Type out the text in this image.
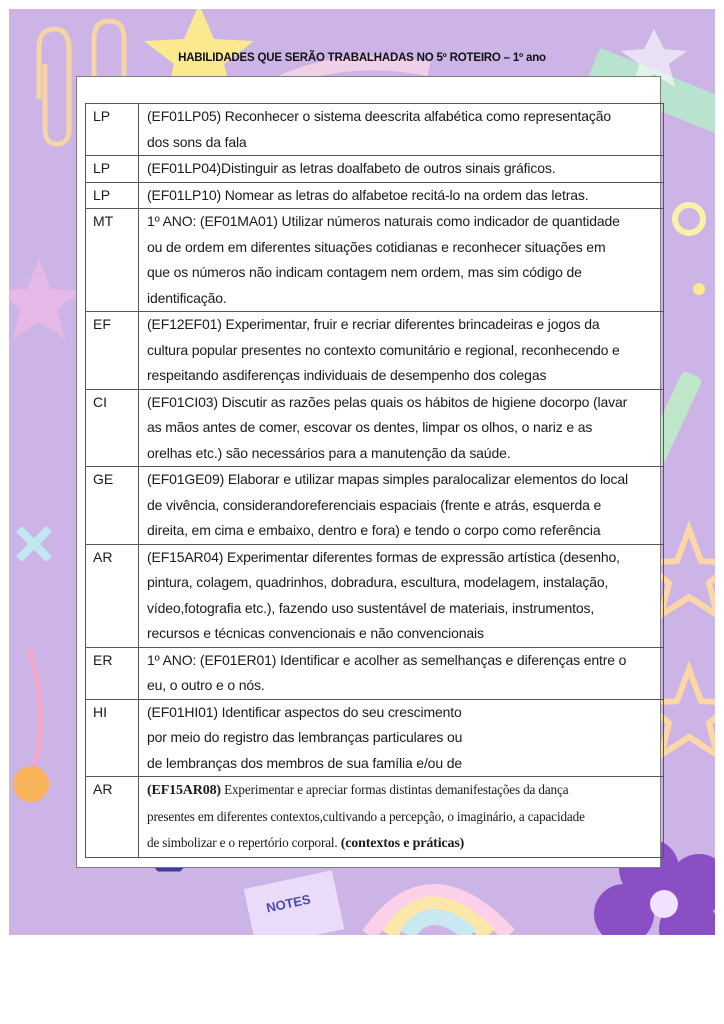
NOTES
HABILIDADES QUE SERÃO TRABALHADAS NO 5º ROTEIRO – 1º ano
LP	(EF01LP05) Reconhecer o sistema deescrita alfabética como representação
dos sons da fala
LP	(EF01LP04)Distinguir as letras doalfabeto de outros sinais gráficos.
LP	(EF01LP10) Nomear as letras do alfabetoe recitá-lo na ordem das letras.
MT	1º ANO: (EF01MA01) Utilizar números naturais como indicador de quantidade
ou de ordem em diferentes situações cotidianas e reconhecer situações em
que os números não indicam contagem nem ordem, mas sim código de
identificação.
EF	(EF12EF01) Experimentar, fruir e recriar diferentes brincadeiras e jogos da
cultura popular presentes no contexto comunitário e regional, reconhecendo e
respeitando asdiferenças individuais de desempenho dos colegas
CI	(EF01CI03) Discutir as razões pelas quais os hábitos de higiene docorpo (lavar
as mãos antes de comer, escovar os dentes, limpar os olhos, o nariz e as
orelhas etc.) são necessários para a manutenção da saúde.
GE	(EF01GE09) Elaborar e utilizar mapas simples paralocalizar elementos do local
de vivência, considerandoreferenciais espaciais (frente e atrás, esquerda e
direita, em cima e embaixo, dentro e fora) e tendo o corpo como referência
AR	(EF15AR04) Experimentar diferentes formas de expressão artística (desenho,
pintura, colagem, quadrinhos, dobradura, escultura, modelagem, instalação,
vídeo,fotografia etc.), fazendo uso sustentável de materiais, instrumentos,
recursos e técnicas convencionais e não convencionais
ER	1º ANO: (EF01ER01) Identificar e acolher as semelhanças e diferenças entre o
eu, o outro e o nós.
HI	(EF01HI01) Identificar aspectos do seu crescimento
por meio do registro das lembranças particulares ou
de lembranças dos membros de sua família e/ou de
AR	(EF15AR08) Experimentar e apreciar formas distintas demanifestações da dança
presentes em diferentes contextos,cultivando a percepção, o imaginário, a capacidade
de simbolizar e o repertório corporal. (contextos e práticas)
